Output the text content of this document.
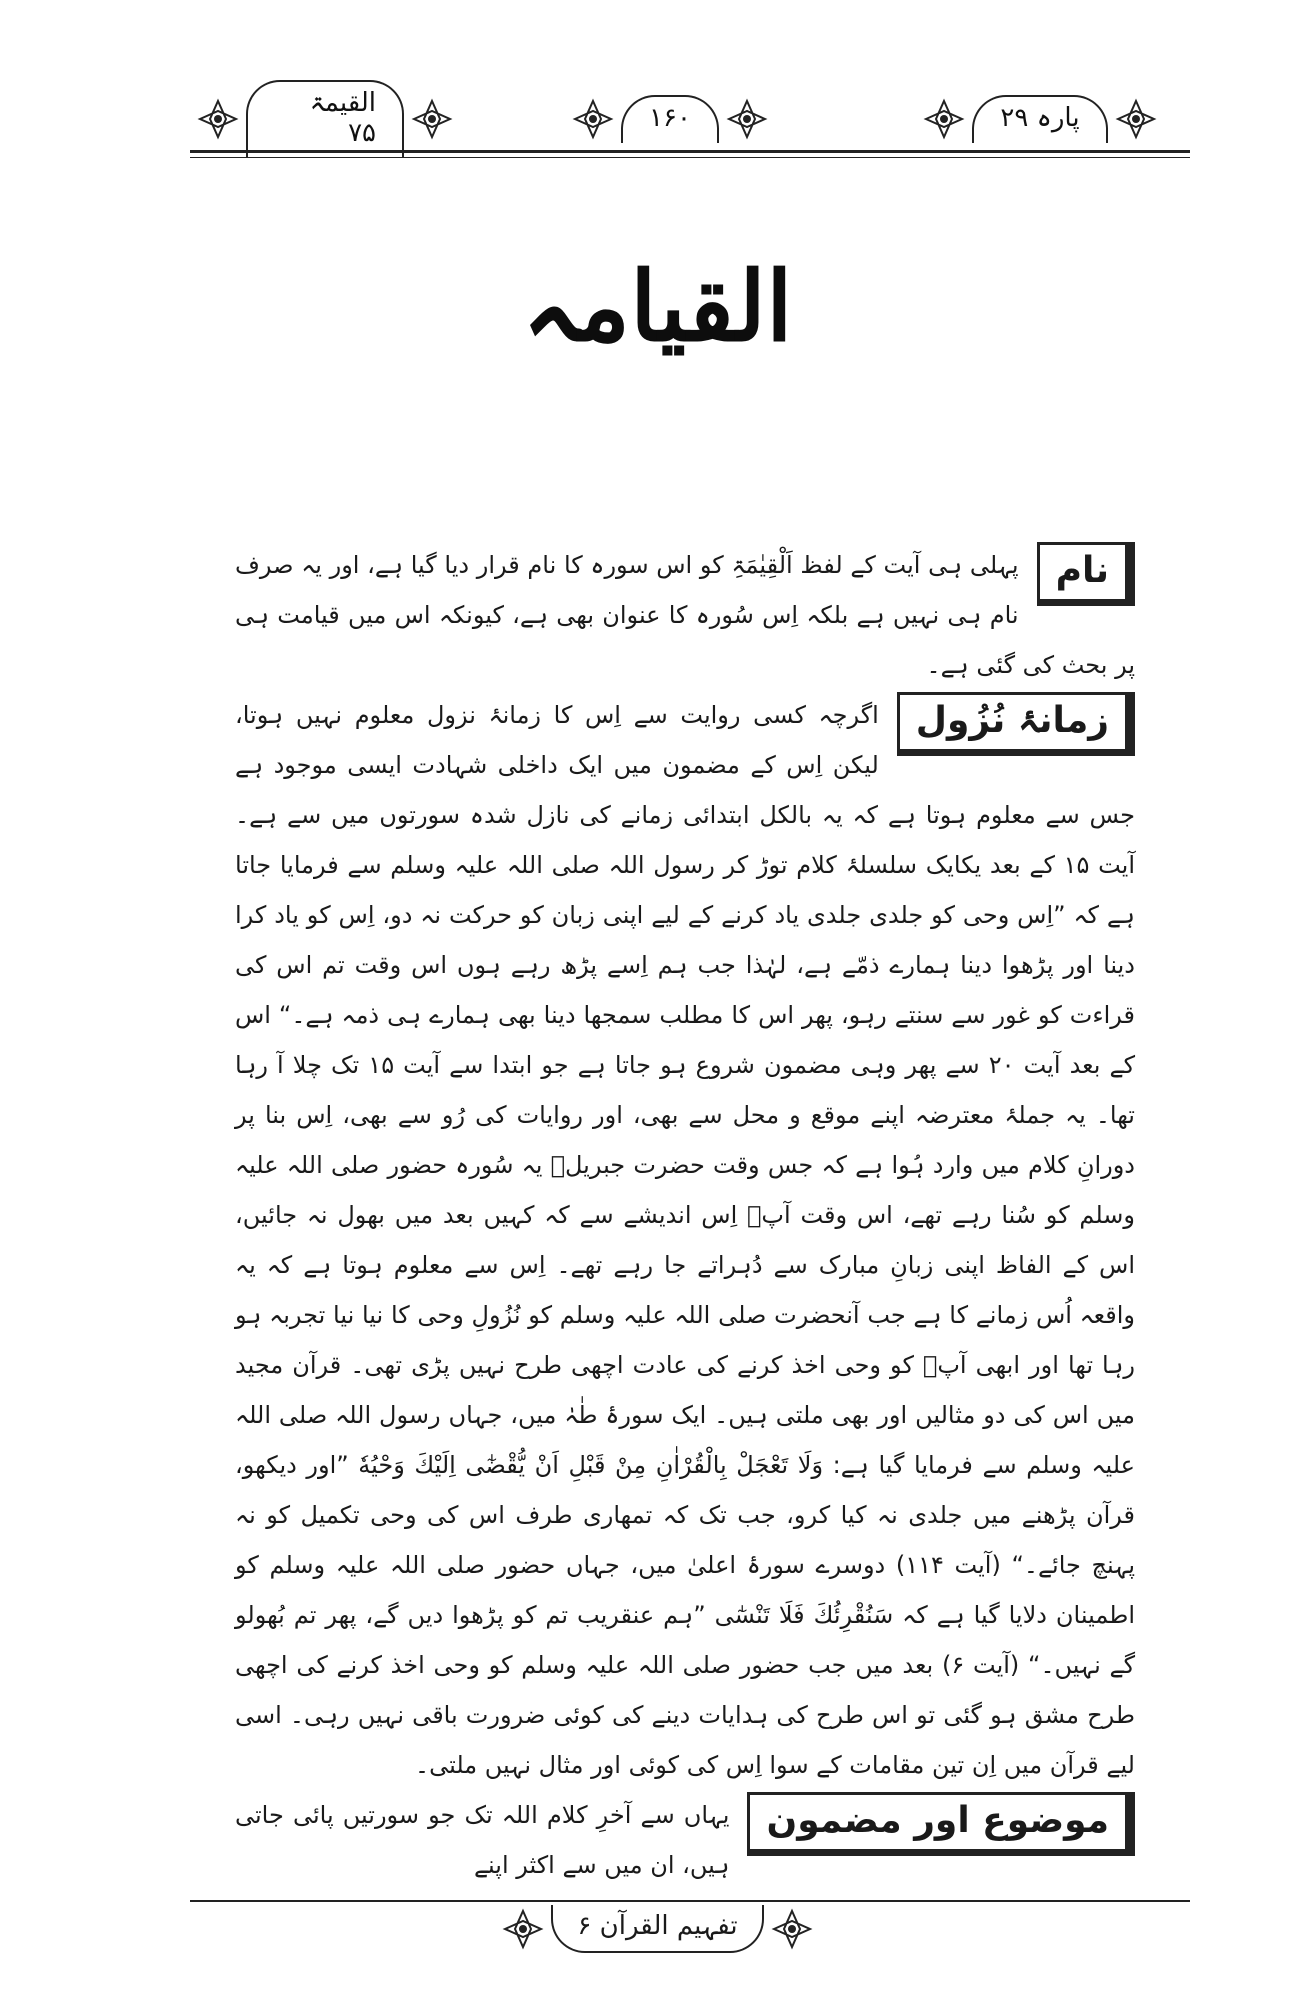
پارہ ۲۹
۱۶۰
القیمۃ ۷۵
القیامہ
نام
پہلی ہی آیت کے لفظ اَلْقِیٰمَۃِ کو اس سورہ کا نام قرار دیا گیا ہے، اور یہ صرف نام ہی نہیں ہے بلکہ اِس سُورہ کا عنوان بھی ہے، کیونکہ اس میں قیامت ہی پر بحث کی گئی ہے۔
زمانۂ نُزُول
اگرچہ کسی روایت سے اِس کا زمانۂ نزول معلوم نہیں ہوتا، لیکن اِس کے مضمون میں ایک داخلی شہادت ایسی موجود ہے جس سے معلوم ہوتا ہے کہ یہ بالکل ابتدائی زمانے کی نازل شدہ سورتوں میں سے ہے۔ آیت ۱۵ کے بعد یکایک سلسلۂ کلام توڑ کر رسول اللہ صلی اللہ علیہ وسلم سے فرمایا جاتا ہے کہ ”اِس وحی کو جلدی جلدی یاد کرنے کے لیے اپنی زبان کو حرکت نہ دو، اِس کو یاد کرا دینا اور پڑھوا دینا ہمارے ذمّے ہے، لہٰذا جب ہم اِسے پڑھ رہے ہوں اس وقت تم اس کی قراءت کو غور سے سنتے رہو، پھر اس کا مطلب سمجھا دینا بھی ہمارے ہی ذمہ ہے۔“ اس کے بعد آیت ۲۰ سے پھر وہی مضمون شروع ہو جاتا ہے جو ابتدا سے آیت ۱۵ تک چلا آ رہا تھا۔ یہ جملۂ معترضہ اپنے موقع و محل سے بھی، اور روایات کی رُو سے بھی، اِس بنا پر دورانِ کلام میں وارد ہُوا ہے کہ جس وقت حضرت جبریلؑ یہ سُورہ حضور صلی اللہ علیہ وسلم کو سُنا رہے تھے، اس وقت آپؐ اِس اندیشے سے کہ کہیں بعد میں بھول نہ جائیں، اس کے الفاظ اپنی زبانِ مبارک سے دُہراتے جا رہے تھے۔ اِس سے معلوم ہوتا ہے کہ یہ واقعہ اُس زمانے کا ہے جب آنحضرت صلی اللہ علیہ وسلم کو نُزُولِ وحی کا نیا نیا تجربہ ہو رہا تھا اور ابھی آپؐ کو وحی اخذ کرنے کی عادت اچھی طرح نہیں پڑی تھی۔ قرآن مجید میں اس کی دو مثالیں اور بھی ملتی ہیں۔ ایک سورۂ طٰہٰ میں، جہاں رسول اللہ صلی اللہ علیہ وسلم سے فرمایا گیا ہے: وَلَا تَعْجَلْ بِالْقُرْاٰنِ مِنْ قَبْلِ اَنْ يُّقْضٰٓى اِلَيْكَ وَحْيُهٗ ”اور دیکھو، قرآن پڑھنے میں جلدی نہ کیا کرو، جب تک کہ تمھاری طرف اس کی وحی تکمیل کو نہ پہنچ جائے۔“ (آیت ۱۱۴) دوسرے سورۂ اعلیٰ میں، جہاں حضور صلی اللہ علیہ وسلم کو اطمینان دلایا گیا ہے کہ سَنُقْرِئُكَ فَلَا تَنْسٰٓى ”ہم عنقریب تم کو پڑھوا دیں گے، پھر تم بُھولو گے نہیں۔“ (آیت ۶) بعد میں جب حضور صلی اللہ علیہ وسلم کو وحی اخذ کرنے کی اچھی طرح مشق ہو گئی تو اس طرح کی ہدایات دینے کی کوئی ضرورت باقی نہیں رہی۔ اسی لیے قرآن میں اِن تین مقامات کے سوا اِس کی کوئی اور مثال نہیں ملتی۔
موضوع اور مضمون
یہاں سے آخرِ کلام اللہ تک جو سورتیں پائی جاتی ہیں، ان میں سے اکثر اپنے
تفہیم القرآن ۶
